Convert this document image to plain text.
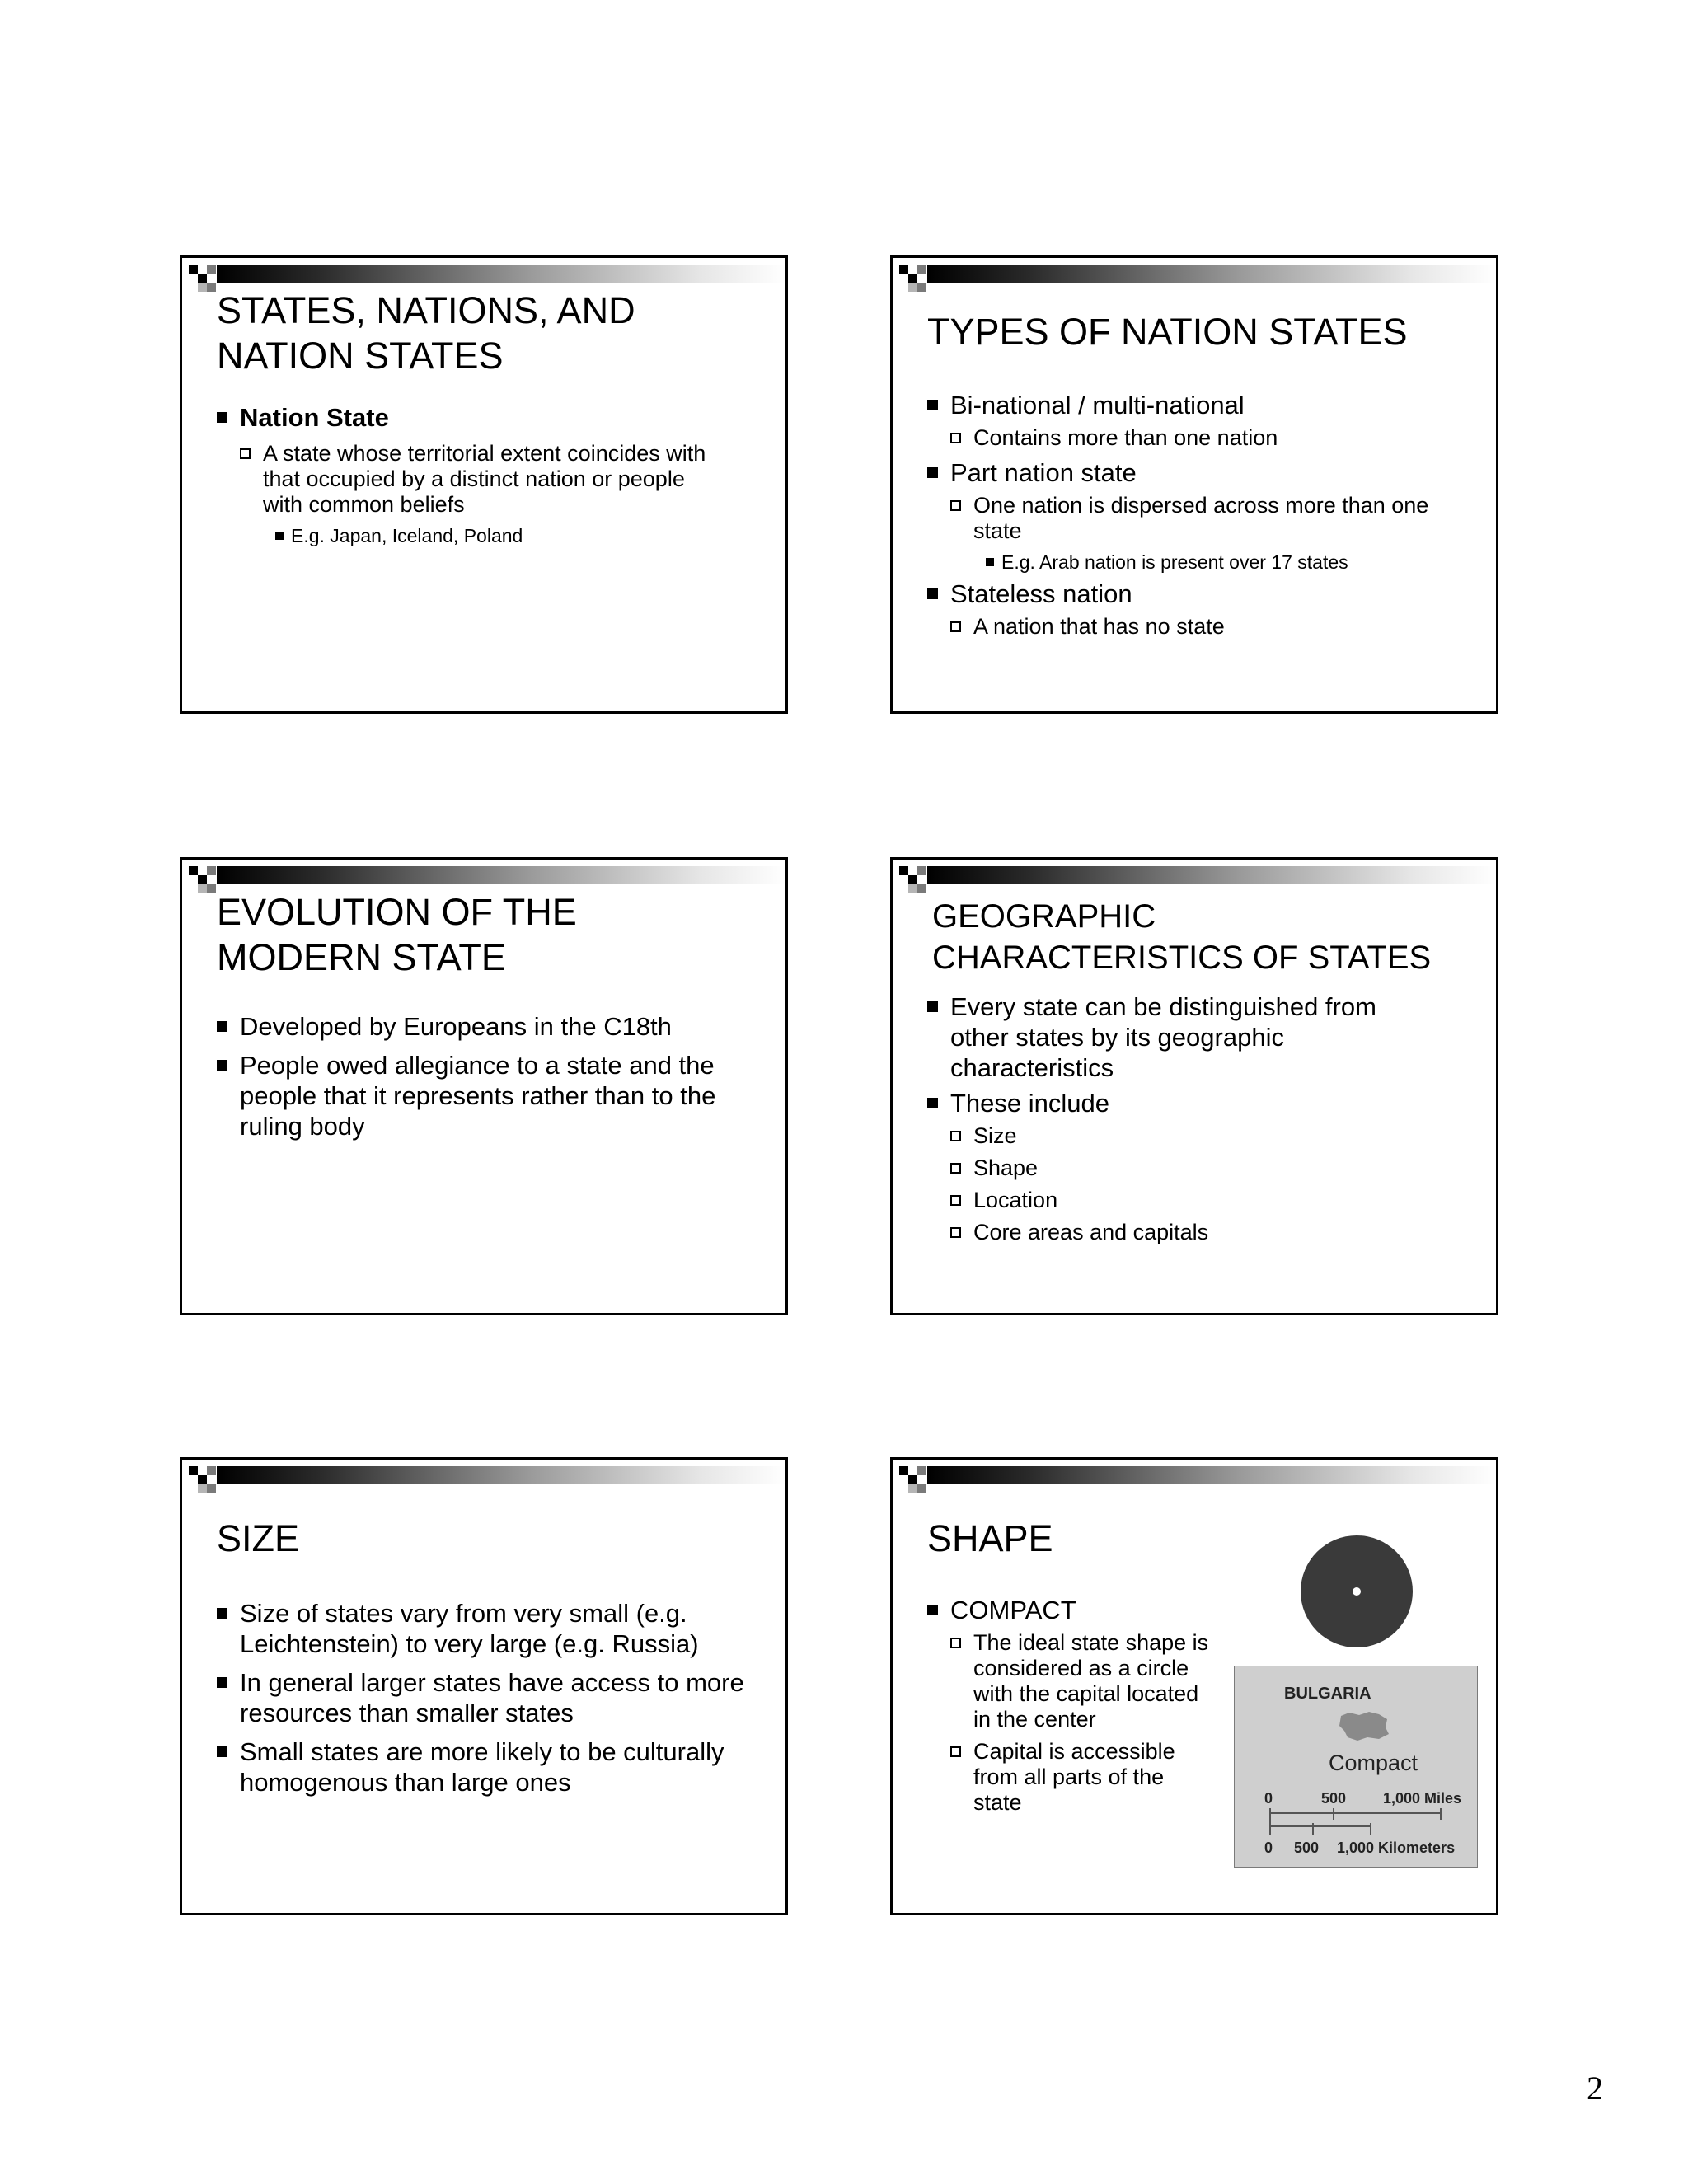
STATES, NATIONS, AND
NATION STATES
Nation State
A state whose territorial extent coincides with that occupied by a distinct nation or people with common beliefs
E.g. Japan, Iceland, Poland
TYPES OF NATION STATES
Bi-national / multi-national
Contains more than one nation
Part nation state
One nation is dispersed across more than one state
E.g. Arab nation is present over 17 states
Stateless nation
A nation that has no state
EVOLUTION OF THE
MODERN STATE
Developed by Europeans in the C18th
People owed allegiance to a state and the people that it represents rather than to the ruling body
GEOGRAPHIC
CHARACTERISTICS OF STATES
Every state can be distinguished from other states by its geographic characteristics
These include
Size
Shape
Location
Core areas and capitals
SIZE
Size of states vary from very small (e.g. Leichtenstein) to very large (e.g. Russia)
In general larger states have access to more resources than smaller states
Small states are more likely to be culturally homogenous than large ones
SHAPE
COMPACT
The ideal state shape is considered as a circle with the capital located in the center
Capital is accessible from all parts of the state
BULGARIA
Compact
0	500 1,000 Miles
0 500 1,000 Kilometers
2
